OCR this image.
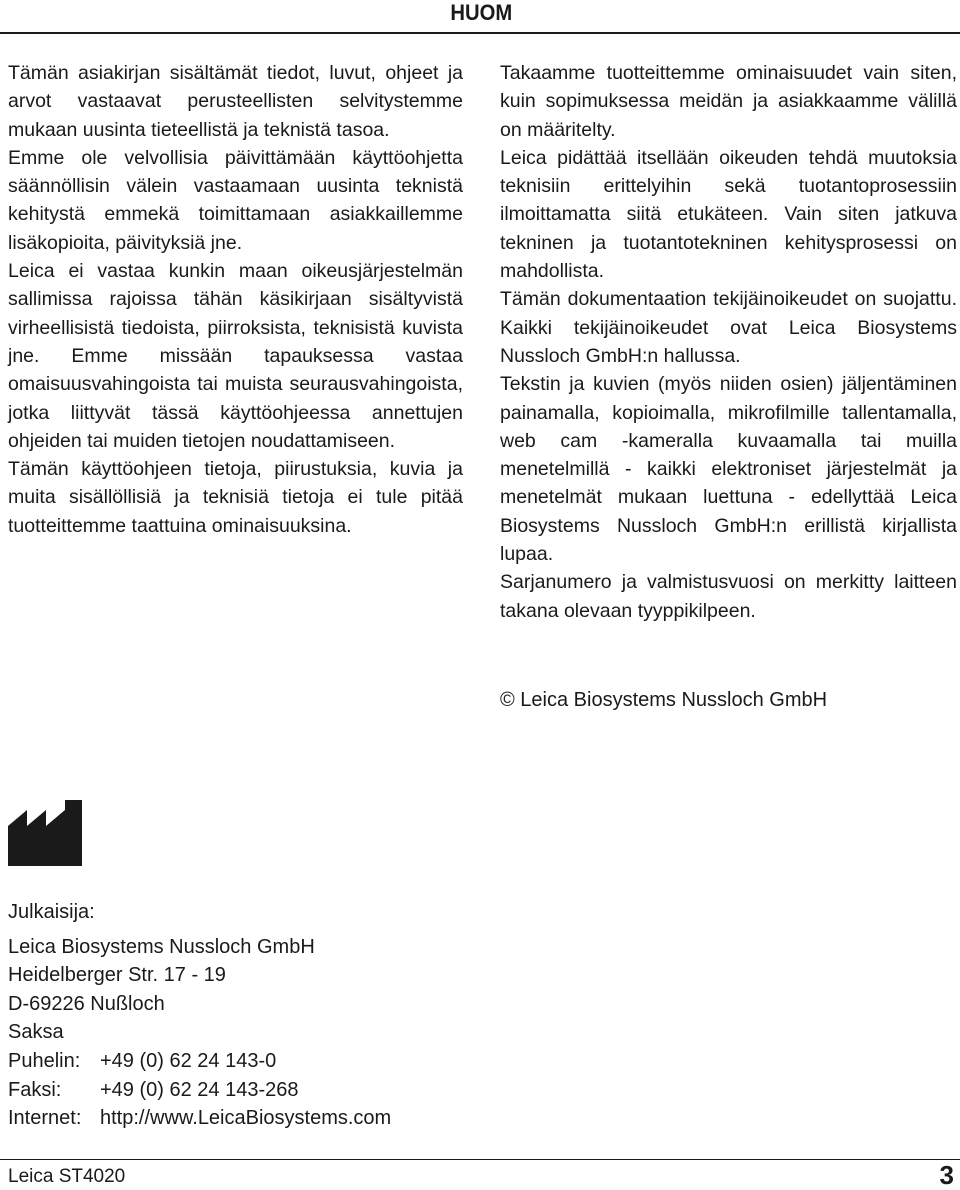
HUOM

Tämän asiakirjan sisältämät tiedot, luvut, ohjeet ja arvot vastaavat perusteellisten selvitystemme mukaan uusinta tieteellistä ja teknistä tasoa.

Emme ole velvollisia päivittämään käyttöohjetta säännöllisin välein vastaamaan uusinta teknistä kehitystä emmekä toimittamaan asiakkaillemme lisäkopioita, päivityksiä jne.

Leica ei vastaa kunkin maan oikeusjärjestelmän sallimissa rajoissa tähän käsikirjaan sisältyvistä virheellisistä tiedoista, piirroksista, teknisistä kuvista jne. Emme missään tapauksessa vastaa omaisuusvahingoista tai muista seurausvahingoista, jotka liittyvät tässä käyttöohjeessa annettujen ohjeiden tai muiden tietojen noudattamiseen.

Tämän käyttöohjeen tietoja, piirustuksia, kuvia ja muita sisällöllisiä ja teknisiä tietoja ei tule pitää tuotteittemme taattuina ominaisuuksina.

Takaamme tuotteittemme ominaisuudet vain siten, kuin sopimuksessa meidän ja asiakkaamme välillä on määritelty.

Leica pidättää itsellään oikeuden tehdä muutoksia teknisiin erittelyihin sekä tuotantoprosessiin ilmoittamatta siitä etukäteen. Vain siten jatkuva tekninen ja tuotantotekninen kehitysprosessi on mahdollista.

Tämän dokumentaation tekijäinoikeudet on suojattu. Kaikki tekijäinoikeudet ovat Leica Biosystems Nussloch GmbH:n hallussa.

Tekstin ja kuvien (myös niiden osien) jäljentäminen painamalla, kopioimalla, mikrofilmille tallentamalla, web cam -kameralla kuvaamalla tai muilla menetelmillä - kaikki elektroniset järjestelmät ja menetelmät mukaan luettuna - edellyttää Leica Biosystems Nussloch GmbH:n erillistä kirjallista lupaa.

Sarjanumero ja valmistusvuosi on merkitty laitteen takana olevaan tyyppikilpeen.

© Leica Biosystems Nussloch GmbH
Julkaisija:
Leica Biosystems Nussloch GmbH
Heidelberger Str. 17 - 19
D-69226 Nußloch
Saksa
Puhelin: +49 (0) 62 24 143-0
Faksi:	+49 (0) 62 24 143-268
Internet: http://www.LeicaBiosystems.com
Leica ST4020	3
